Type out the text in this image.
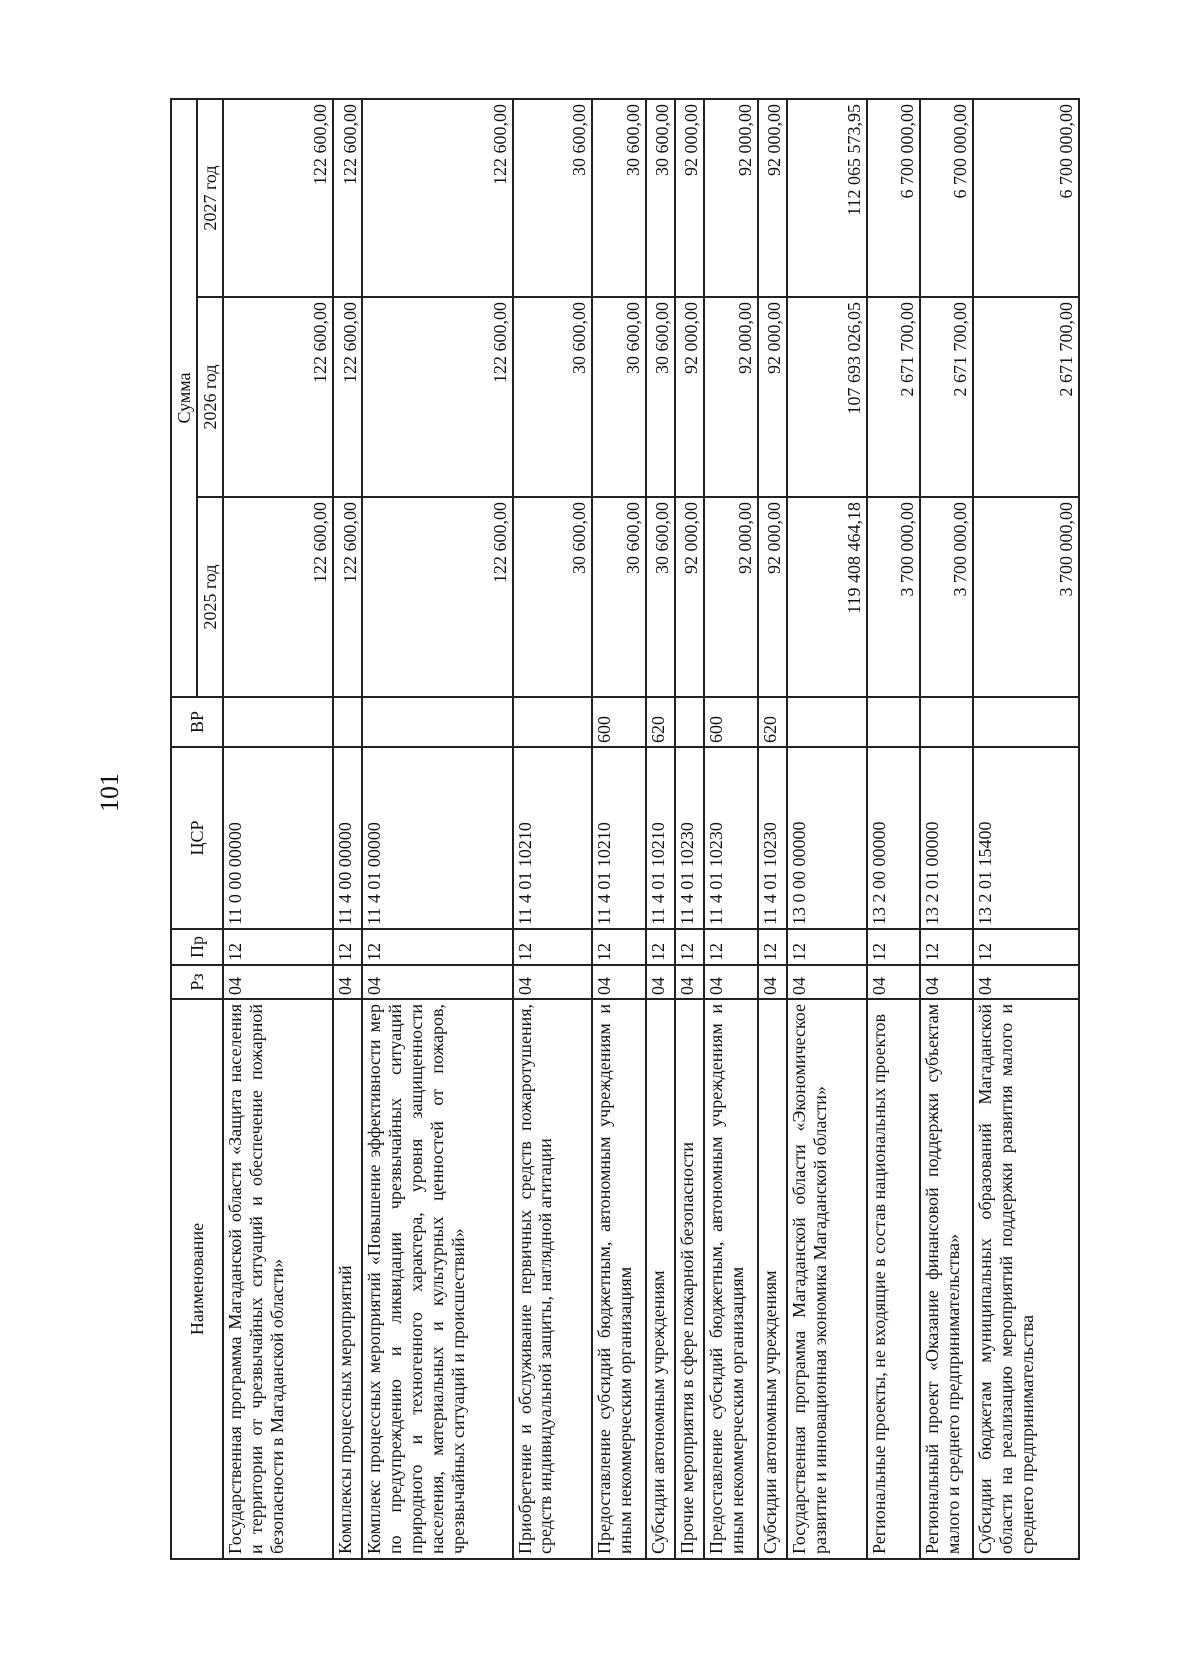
101
Наименование	Рз	Пр	ЦСР	ВР	Сумма		
					2025 год	2026 год	2027 год
Государственная программа Магаданской области «Защита населения и территории от чрезвычайных ситуаций и обеспечение пожарной безопасности в Магаданской области»	04	12	11 0 00 00000		122 600,00	122 600,00	122 600,00
Комплексы процессных мероприятий	04	12	11 4 00 00000		122 600,00	122 600,00	122 600,00
Комплекс процессных мероприятий «Повышение эффективности мер по предупреждению и ликвидации чрезвычайных ситуаций природного и техногенного характера, уровня защищенности населения, материальных и культурных ценностей от пожаров, чрезвычайных ситуаций и происшествий»	04	12	11 4 01 00000		122 600,00	122 600,00	122 600,00
Приобретение и обслуживание первичных средств пожаротушения, средств индивидуальной защиты, наглядной агитации	04	12	11 4 01 10210		30 600,00	30 600,00	30 600,00
Предоставление субсидий бюджетным, автономным учреждениям и иным некоммерческим организациям	04	12	11 4 01 10210	600	30 600,00	30 600,00	30 600,00
Субсидии автономным учреждениям	04	12	11 4 01 10210	620	30 600,00	30 600,00	30 600,00
Прочие мероприятия в сфере пожарной безопасности	04	12	11 4 01 10230		92 000,00	92 000,00	92 000,00
Предоставление субсидий бюджетным, автономным учреждениям и иным некоммерческим организациям	04	12	11 4 01 10230	600	92 000,00	92 000,00	92 000,00
Субсидии автономным учреждениям	04	12	11 4 01 10230	620	92 000,00	92 000,00	92 000,00
Государственная программа Магаданской области «Экономическое развитие и инновационная экономика Магаданской области»	04	12	13 0 00 00000		119 408 464,18	107 693 026,05	112 065 573,95
Региональные проекты, не входящие в состав национальных проектов	04	12	13 2 00 00000		3 700 000,00	2 671 700,00	6 700 000,00
Региональный проект «Оказание финансовой поддержки субъектам малого и среднего предпринимательства»	04	12	13 2 01 00000		3 700 000,00	2 671 700,00	6 700 000,00
Субсидии бюджетам муниципальных образований Магаданской области на реализацию мероприятий поддержки развития малого и среднего предпринимательства	04	12	13 2 01 15400		3 700 000,00	2 671 700,00	6 700 000,00
